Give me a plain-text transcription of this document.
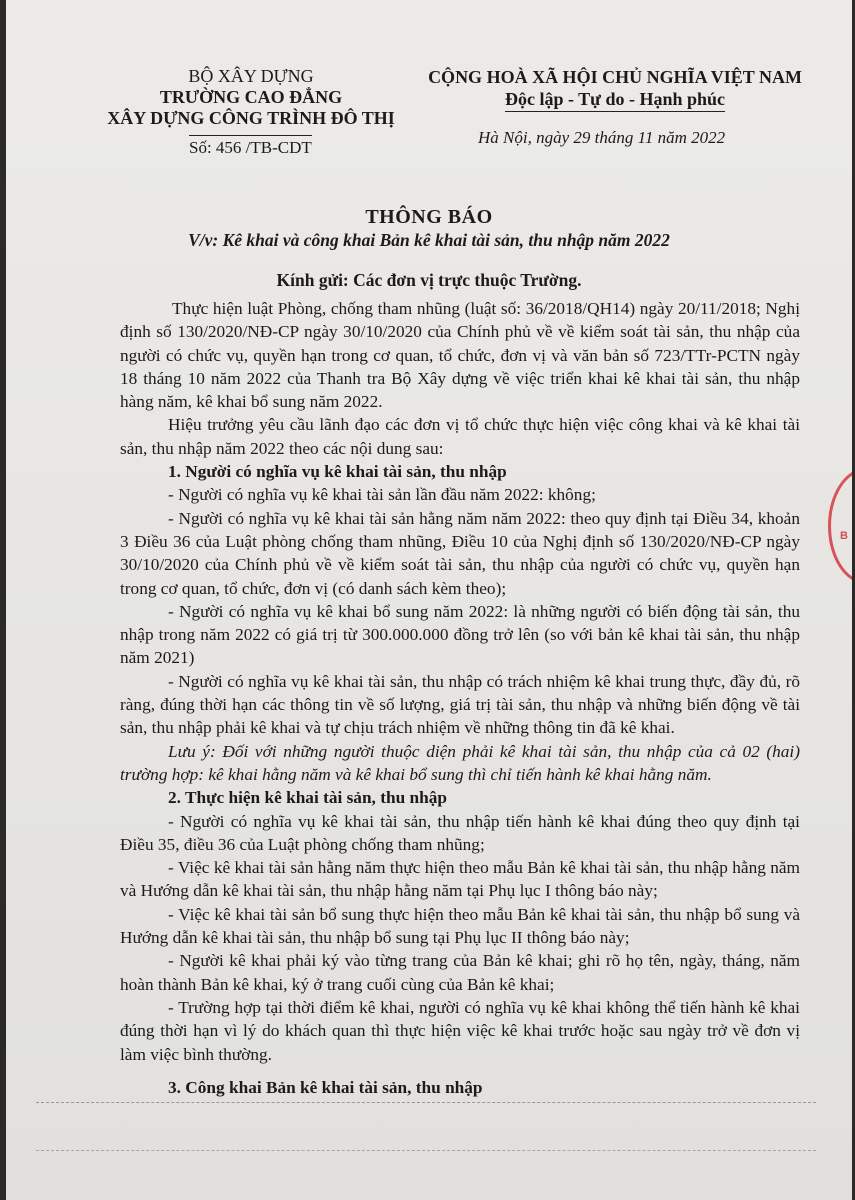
BỘ XÂY DỰNG
TRƯỜNG CAO ĐẲNG
XÂY DỰNG CÔNG TRÌNH ĐÔ THỊ
Số: 456 /TB-CDT
CỘNG HOÀ XÃ HỘI CHỦ NGHĨA VIỆT NAM
Độc lập - Tự do - Hạnh phúc
Hà Nội, ngày 29 tháng 11 năm 2022
THÔNG BÁO
V/v: Kê khai và công khai Bản kê khai tài sản, thu nhập năm 2022
Kính gửi: Các đơn vị trực thuộc Trường.

Thực hiện luật Phòng, chống tham nhũng (luật số: 36/2018/QH14) ngày 20/11/2018; Nghị định số 130/2020/NĐ-CP ngày 30/10/2020 của Chính phủ về về kiểm soát tài sản, thu nhập của người có chức vụ, quyền hạn trong cơ quan, tổ chức, đơn vị và văn bản số 723/TTr-PCTN ngày 18 tháng 10 năm 2022 của Thanh tra Bộ Xây dựng về việc triển khai kê khai tài sản, thu nhập hàng năm, kê khai bổ sung năm 2022.

Hiệu trưởng yêu cầu lãnh đạo các đơn vị tổ chức thực hiện việc công khai và kê khai tài sản, thu nhập năm 2022 theo các nội dung sau:

1. Người có nghĩa vụ kê khai tài sản, thu nhập

- Người có nghĩa vụ kê khai tài sản lần đầu năm 2022: không;

- Người có nghĩa vụ kê khai tài sản hằng năm năm 2022: theo quy định tại Điều 34, khoản 3 Điều 36 của Luật phòng chống tham nhũng, Điều 10 của Nghị định số 130/2020/NĐ-CP ngày 30/10/2020 của Chính phủ về về kiểm soát tài sản, thu nhập của người có chức vụ, quyền hạn trong cơ quan, tổ chức, đơn vị (có danh sách kèm theo);

- Người có nghĩa vụ kê khai bổ sung năm 2022: là những người có biến động tài sản, thu nhập trong năm 2022 có giá trị từ 300.000.000 đồng trở lên (so với bản kê khai tài sản, thu nhập năm 2021)

- Người có nghĩa vụ kê khai tài sản, thu nhập có trách nhiệm kê khai trung thực, đầy đủ, rõ ràng, đúng thời hạn các thông tin về số lượng, giá trị tài sản, thu nhập và những biến động về tài sản, thu nhập phải kê khai và tự chịu trách nhiệm về những thông tin đã kê khai.

Lưu ý: Đối với những người thuộc diện phải kê khai tài sản, thu nhập của cả 02 (hai) trường hợp: kê khai hằng năm và kê khai bổ sung thì chỉ tiến hành kê khai hằng năm.

2. Thực hiện kê khai tài sản, thu nhập

- Người có nghĩa vụ kê khai tài sản, thu nhập tiến hành kê khai đúng theo quy định tại Điều 35, điều 36 của Luật phòng chống tham nhũng;

- Việc kê khai tài sản hằng năm thực hiện theo mẫu Bản kê khai tài sản, thu nhập hằng năm và Hướng dẫn kê khai tài sản, thu nhập hằng năm tại Phụ lục I thông báo này;

- Việc kê khai tài sản bổ sung thực hiện theo mẫu Bản kê khai tài sản, thu nhập bổ sung và Hướng dẫn kê khai tài sản, thu nhập bổ sung tại Phụ lục II thông báo này;

- Người kê khai phải ký vào từng trang của Bản kê khai; ghi rõ họ tên, ngày, tháng, năm hoàn thành Bản kê khai, ký ở trang cuối cùng của Bản kê khai;

- Trường hợp tại thời điểm kê khai, người có nghĩa vụ kê khai không thể tiến hành kê khai đúng thời hạn vì lý do khách quan thì thực hiện việc kê khai trước hoặc sau ngày trở về đơn vị làm việc bình thường.

3. Công khai Bản kê khai tài sản, thu nhập

B
